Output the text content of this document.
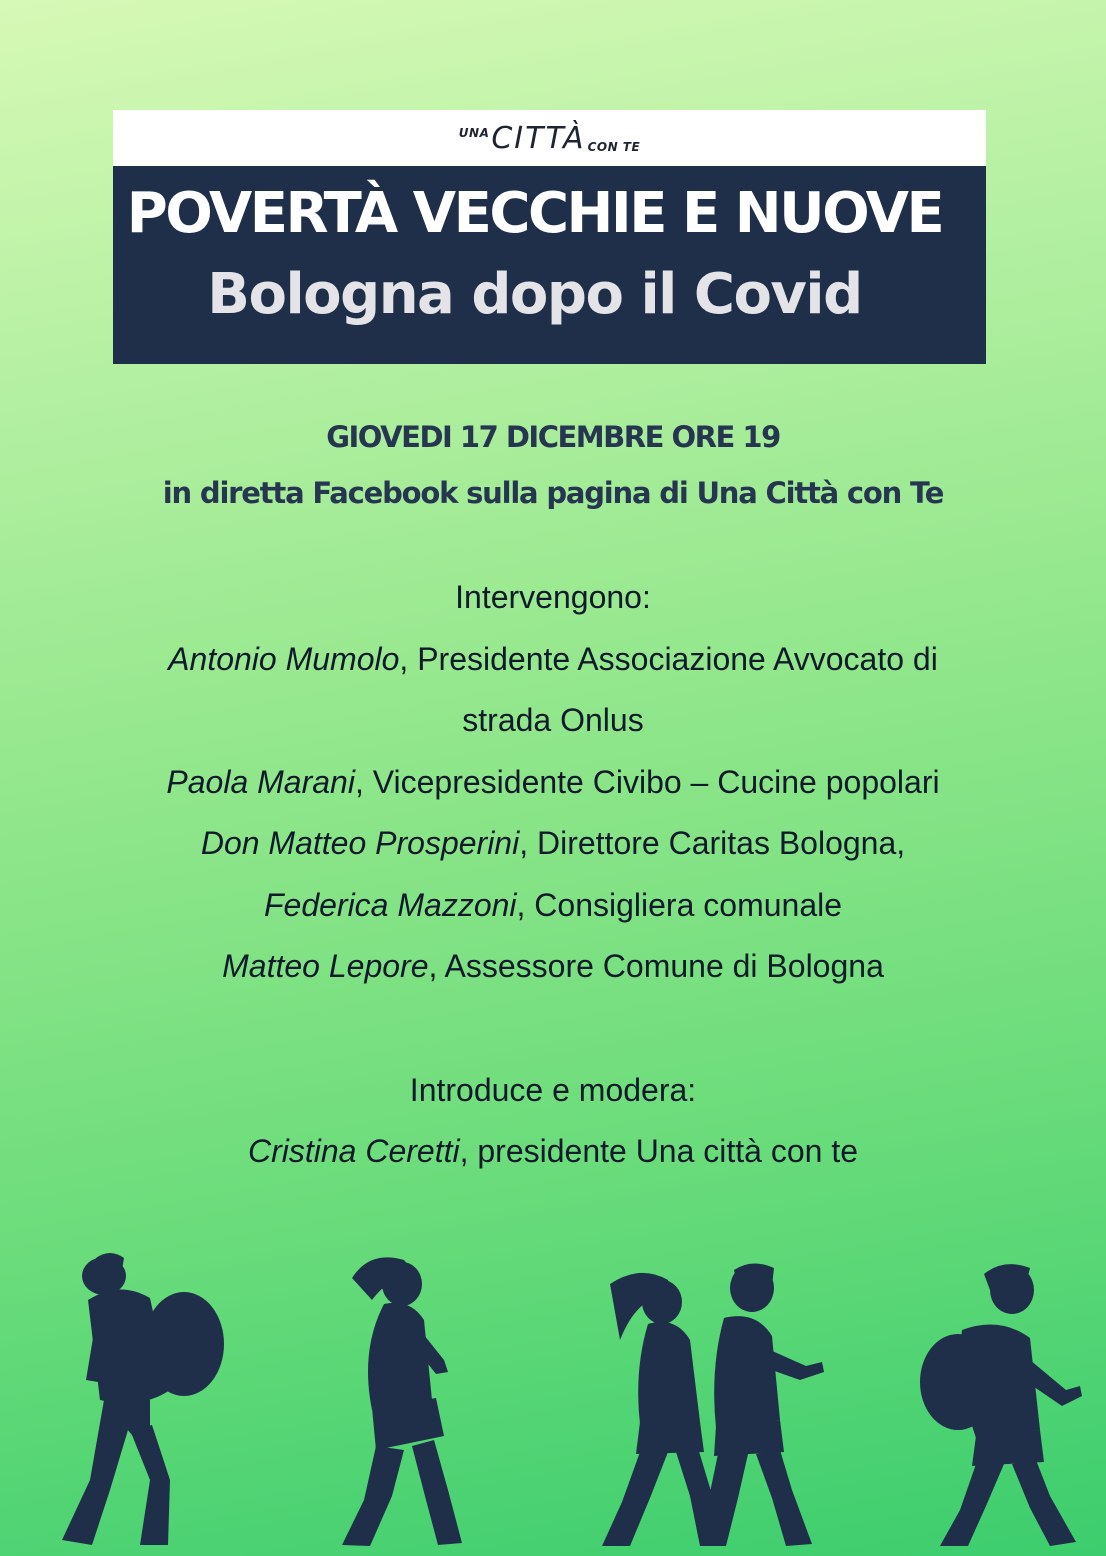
UNA CITTÀ CON TE
POVERTÀ VECCHIE E NUOVE
Bologna dopo il Covid
GIOVEDI 17 DICEMBRE ORE 19
in diretta Facebook sulla pagina di Una Città con Te
Intervengono:
Antonio Mumolo, Presidente Associazione Avvocato di
strada Onlus
Paola Marani, Vicepresidente Civibo – Cucine popolari
Don Matteo Prosperini, Direttore Caritas Bologna,
Federica Mazzoni, Consigliera comunale
Matteo Lepore, Assessore Comune di Bologna
Introduce e modera:
Cristina Ceretti, presidente Una città con te
